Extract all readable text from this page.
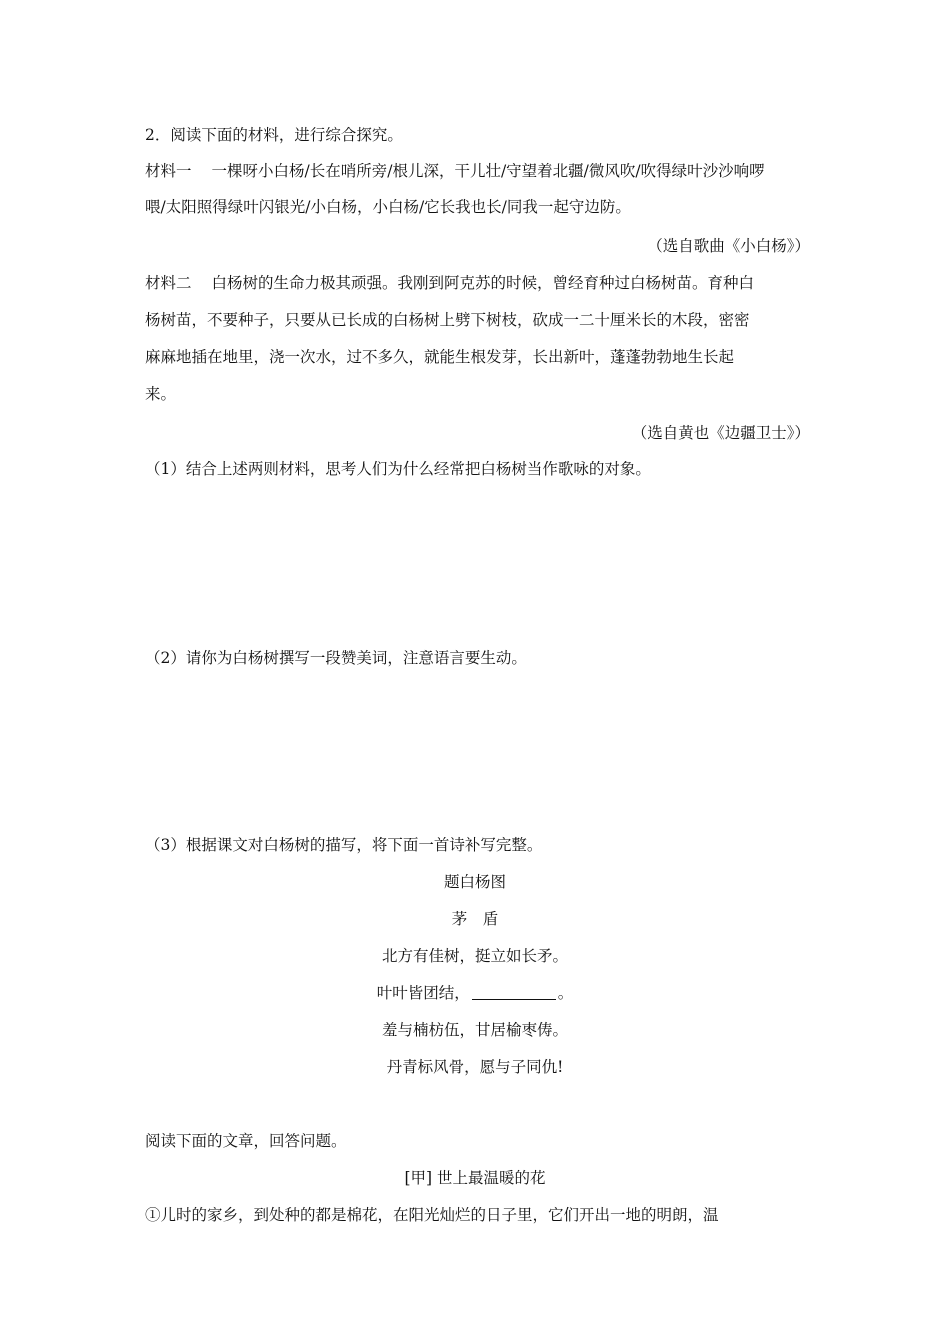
2．阅读下面的材料，进行综合探究。
材料一 一棵呀小白杨/长在哨所旁/根儿深，干儿壮/守望着北疆/微风吹/吹得绿叶沙沙响啰
喂/太阳照得绿叶闪银光/小白杨，小白杨/它长我也长/同我一起守边防。
（选自歌曲《小白杨》）
材料二 白杨树的生命力极其顽强。我刚到阿克苏的时候，曾经育种过白杨树苗。育种白
杨树苗，不要种子，只要从已长成的白杨树上劈下树枝，砍成一二十厘米长的木段，密密
麻麻地插在地里，浇一次水，过不多久，就能生根发芽，长出新叶，蓬蓬勃勃地生长起
来。
（选自黄也《边疆卫士》）
（1）结合上述两则材料，思考人们为什么经常把白杨树当作歌咏的对象。
（2）请你为白杨树撰写一段赞美词，注意语言要生动。
（3）根据课文对白杨树的描写，将下面一首诗补写完整。
题白杨图
茅　盾
北方有佳树，挺立如长矛。
叶叶皆团结，	。
羞与楠枋伍，甘居榆枣俦。
丹青标风骨，愿与子同仇!
阅读下面的文章，回答问题。
[甲] 世上最温暖的花
①儿时的家乡，到处种的都是棉花，在阳光灿烂的日子里，它们开出一地的明朗，温
